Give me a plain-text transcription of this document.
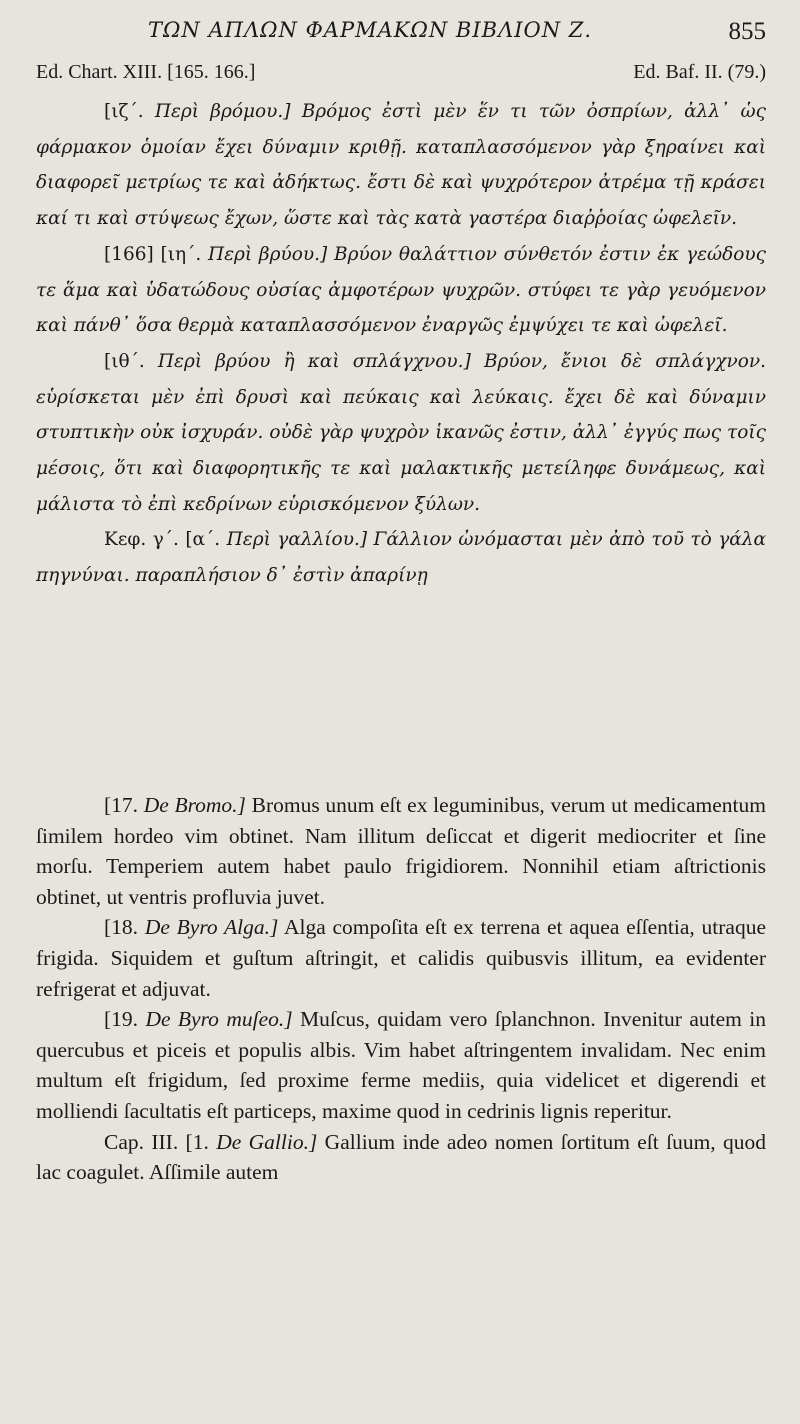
ΤΩΝ ΑΠΛΩΝ ΦΑΡΜΑΚΩΝ ΒΙΒΛΙΟΝ Ζ.	855
Ed. Chart. XIII. [165. 166.]	Ed. Baf. II. (79.)

[ιζ΄. Περὶ βρόμου.] Βρόμος ἐστὶ μὲν ἕν τι τῶν ὀσπρίων, ἀλλ᾽ ὡς φάρμακον ὁμοίαν ἔχει δύναμιν κριθῇ. καταπλασσόμενον γὰρ ξηραίνει καὶ διαφορεῖ μετρίως τε καὶ ἀδήκτως. ἔστι δὲ καὶ ψυχρότερον ἀτρέμα τῇ κράσει καί τι καὶ στύψεως ἔχων, ὥστε καὶ τὰς κατὰ γαστέρα διαῤῥοίας ὠφελεῖν.

[166] [ιη΄. Περὶ βρύου.] Βρύον θαλάττιον σύνθετόν ἐστιν ἐκ γεώδους τε ἅμα καὶ ὑδατώδους οὐσίας ἀμφοτέρων ψυχρῶν. στύφει τε γὰρ γευόμενον καὶ πάνθ᾽ ὅσα θερμὰ καταπλασσόμενον ἐναργῶς ἐμψύχει τε καὶ ὠφελεῖ.

[ιθ΄. Περὶ βρύου ἢ καὶ σπλάγχνου.] Βρύον, ἔνιοι δὲ σπλάγχνον. εὑρίσκεται μὲν ἐπὶ δρυσὶ καὶ πεύκαις καὶ λεύκαις. ἔχει δὲ καὶ δύναμιν στυπτικὴν οὐκ ἰσχυράν. οὐδὲ γὰρ ψυχρὸν ἱκανῶς ἐστιν, ἀλλ᾽ ἐγγύς πως τοῖς μέσοις, ὅτι καὶ διαφορητικῆς τε καὶ μαλακτικῆς μετείληφε δυνάμεως, καὶ μάλιστα τὸ ἐπὶ κεδρίνων εὑρισκόμενον ξύλων.

Κεφ. γ΄. [α΄. Περὶ γαλλίου.] Γάλλιον ὠνόμασται μὲν ἀπὸ τοῦ τὸ γάλα πηγνύναι. παραπλήσιον δ᾽ ἐστὶν ἀπαρίνῃ

[17. De Bromo.] Bromus unum eſt ex leguminibus, verum ut medicamentum ſimilem hordeo vim obtinet. Nam illitum deſiccat et digerit mediocriter et ſine morſu. Temperiem autem habet paulo frigidiorem. Nonnihil etiam aſtrictionis obtinet, ut ventris profluvia juvet.

[18. De Byro Alga.] Alga compoſita eſt ex terrena et aquea eſſentia, utraque frigida. Siquidem et guſtum aſtringit, et calidis quibusvis illitum, ea evidenter refrigerat et adjuvat.

[19. De Byro muſeo.] Muſcus, quidam vero ſplanchnon. Invenitur autem in quercubus et piceis et populis albis. Vim habet aſtringentem invalidam. Nec enim multum eſt frigidum, ſed proxime ferme mediis, quia videlicet et digerendi et molliendi ſacultatis eſt particeps, maxime quod in cedrinis lignis reperitur.

Cap. III. [1. De Gallio.] Gallium inde adeo nomen ſortitum eſt ſuum, quod lac coagulet. Aſſimile autem
